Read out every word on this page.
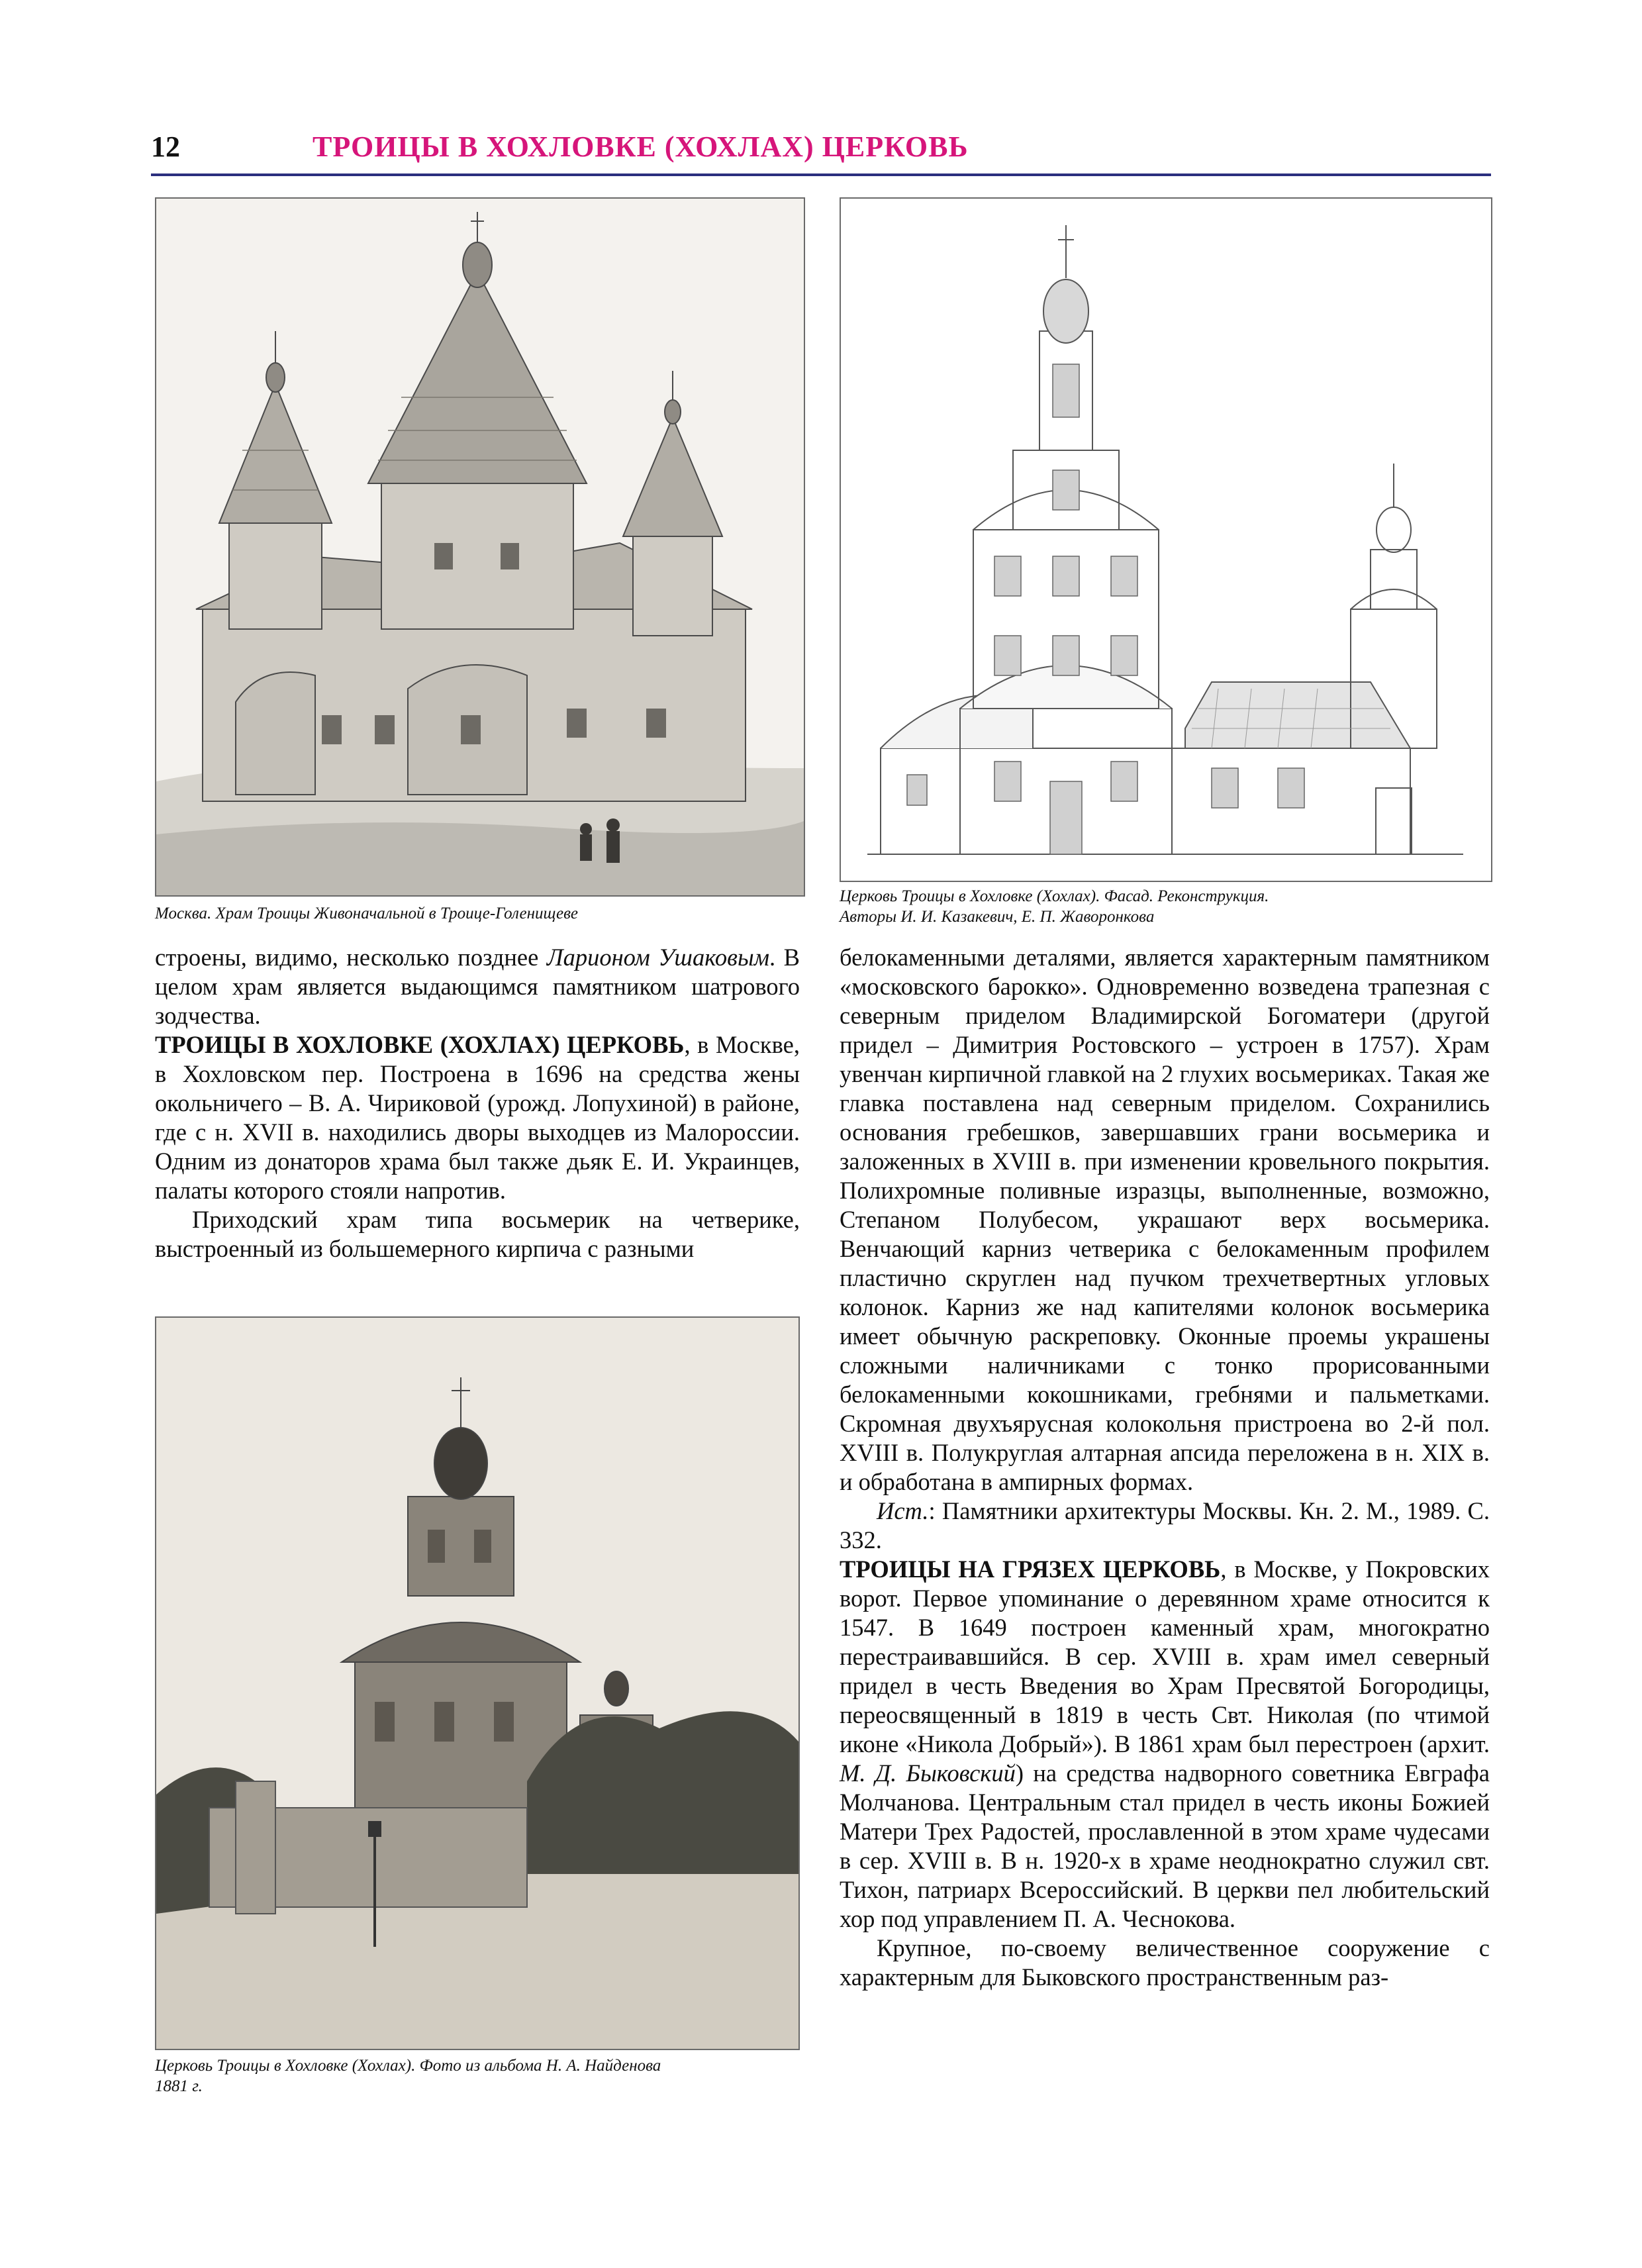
12	ТРОИЦЫ В ХОХЛОВКЕ (ХОХЛАХ) ЦЕРКОВЬ
Москва. Храм Троицы Живоначальной в Троице-Голенищеве
Церковь Троицы в Хохловке (Хохлах). Фасад. Реконструкция.
Авторы И. И. Казакевич, Е. П. Жаворонкова
Церковь Троицы в Хохловке (Хохлах). Фото из альбома Н. А. Найденова
1881 г.

строены, видимо, несколько позднее Ларионом Ушаковым. В целом храм является выдающимся памятником шатрового зодчества.

ТРОИЦЫ В ХОХЛОВКЕ (ХОХЛАХ) ЦЕРКОВЬ, в Москве, в Хохловском пер. Построена в 1696 на средства жены окольничего – В. А. Чириковой (урожд. Лопухиной) в районе, где с н. XVII в. находились дворы выходцев из Малороссии. Одним из донаторов храма был также дьяк Е. И. Украинцев, палаты которого стояли напротив.

Приходский храм типа восьмерик на четверике, выстроенный из большемерного кирпича с разными

белокаменными деталями, является характерным памятником «московского барокко». Одновременно возведена трапезная с северным приделом Владимирской Богоматери (другой придел – Димитрия Ростовского – устроен в 1757). Храм увенчан кирпичной главкой на 2 глухих восьмериках. Такая же главка поставлена над северным приделом. Сохранились основания гребешков, завершавших грани восьмерика и заложенных в XVIII в. при изменении кровельного покрытия. Полихромные поливные изразцы, выполненные, возможно, Степаном Полубесом, украшают верх восьмерика. Венчающий карниз четверика с белокаменным профилем пластично скруглен над пучком трехчетвертных угловых колонок. Карниз же над капителями колонок восьмерика имеет обычную раскреповку. Оконные проемы украшены сложными наличниками с тонко прорисованными белокаменными кокошниками, гребнями и пальметками. Скромная двухъярусная колокольня пристроена во 2-й пол. XVIII в. Полукруглая алтарная апсида переложена в н. XIX в. и обработана в ампирных формах.

Ист.: Памятники архитектуры Москвы. Кн. 2. М., 1989. С. 332.

ТРОИЦЫ НА ГРЯЗЕХ ЦЕРКОВЬ, в Москве, у Покровских ворот. Первое упоминание о деревянном храме относится к 1547. В 1649 построен каменный храм, многократно перестраивавшийся. В сер. XVIII в. храм имел северный придел в честь Введения во Храм Пресвятой Богородицы, переосвященный в 1819 в честь Свт. Николая (по чтимой иконе «Никола Добрый»). В 1861 храм был перестроен (архит. М. Д. Быковский) на средства надворного советника Евграфа Молчанова. Центральным стал придел в честь иконы Божией Матери Трех Радостей, прославленной в этом храме чудесами в сер. XVIII в. В н. 1920-х в храме неоднократно служил свт. Тихон, патриарх Всероссийский. В церкви пел любительский хор под управлением П. А. Чеснокова.

Крупное, по-своему величественное сооружение с характерным для Быковского пространственным раз-
